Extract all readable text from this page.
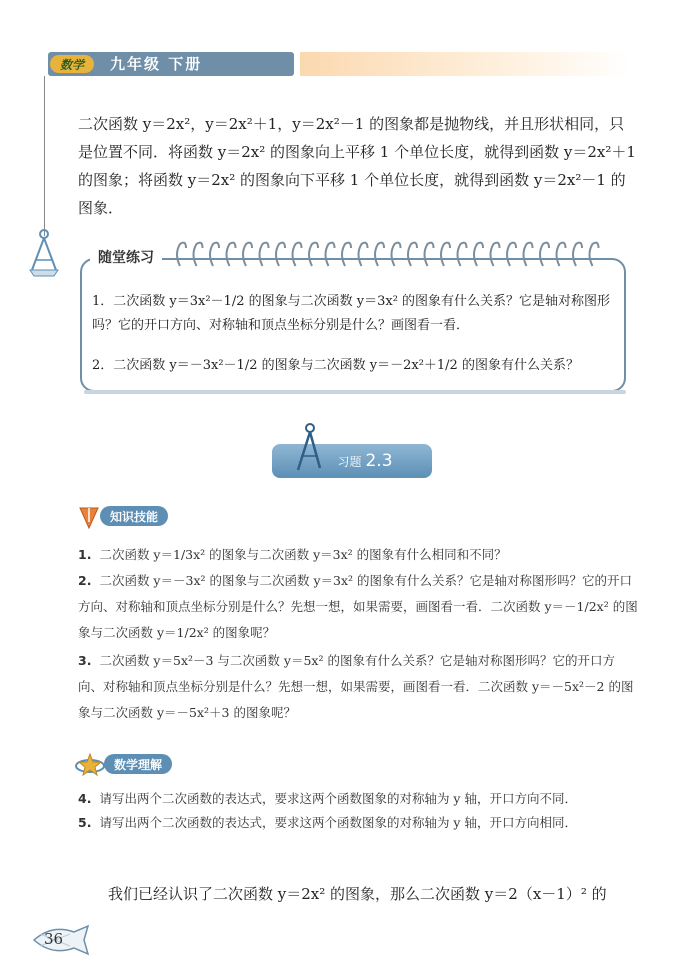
数学	九年级 下册
二次函数 y＝2x²，y＝2x²＋1，y＝2x²－1 的图象都是抛物线，并且形状相同，只是位置不同．将函数 y＝2x² 的图象向上平移 1 个单位长度，就得到函数 y＝2x²＋1 的图象；将函数 y＝2x² 的图象向下平移 1 个单位长度，就得到函数 y＝2x²－1 的图象．
随堂练习
1．二次函数 y＝3x²－1/2 的图象与二次函数 y＝3x² 的图象有什么关系？它是轴对称图形吗？它的开口方向、对称轴和顶点坐标分别是什么？画图看一看．
2．二次函数 y＝－3x²－1/2 的图象与二次函数 y＝－2x²＋1/2 的图象有什么关系？
习题 2.3
知识技能
1. 二次函数 y＝1/3x² 的图象与二次函数 y＝3x² 的图象有什么相同和不同？
2. 二次函数 y＝－3x² 的图象与二次函数 y＝3x² 的图象有什么关系？它是轴对称图形吗？它的开口方向、对称轴和顶点坐标分别是什么？先想一想，如果需要，画图看一看．二次函数 y＝－1/2x² 的图象与二次函数 y＝1/2x² 的图象呢？
3. 二次函数 y＝5x²－3 与二次函数 y＝5x² 的图象有什么关系？它是轴对称图形吗？它的开口方向、对称轴和顶点坐标分别是什么？先想一想，如果需要，画图看一看．二次函数 y＝－5x²－2 的图象与二次函数 y＝－5x²＋3 的图象呢？
数学理解
4. 请写出两个二次函数的表达式，要求这两个函数图象的对称轴为 y 轴，开口方向不同．
5. 请写出两个二次函数的表达式，要求这两个函数图象的对称轴为 y 轴，开口方向相同．
我们已经认识了二次函数 y＝2x² 的图象，那么二次函数 y＝2（x－1）² 的
36
